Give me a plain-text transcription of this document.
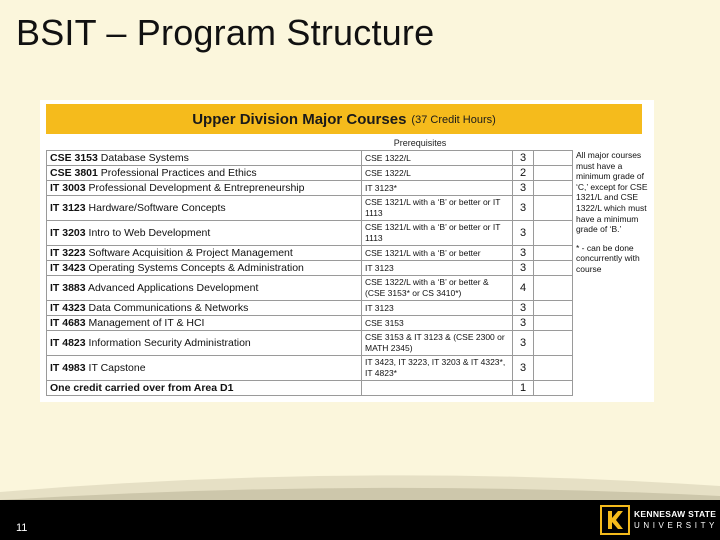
BSIT – Program Structure
Upper Division Major Courses (37 Credit Hours)
Prerequisites
CSE 3153 Database Systems	CSE 1322/L	3	
CSE 3801 Professional Practices and Ethics	CSE 1322/L	2	
IT 3003 Professional Development & Entrepreneurship	IT 3123*	3	
IT 3123 Hardware/Software Concepts	CSE 1321/L with a ‘B’ or better or IT 1113	3	
IT 3203 Intro to Web Development	CSE 1321/L with a ‘B’ or better or IT 1113	3	
IT 3223 Software Acquisition & Project Management	CSE 1321/L with a ‘B’ or better	3	
IT 3423 Operating Systems Concepts & Administration	IT 3123	3	
IT 3883 Advanced Applications Development	CSE 1322/L with a ‘B’ or better & (CSE 3153* or CS 3410*)	4	
IT 4323 Data Communications & Networks	IT 3123	3	
IT 4683 Management of IT & HCI	CSE 3153	3	
IT 4823 Information Security Administration	CSE 3153 & IT 3123 & (CSE 2300 or MATH 2345)	3	
IT 4983 IT Capstone	IT 3423, IT 3223, IT 3203 & IT 4323*, IT 4823*	3	
One credit carried over from Area D1		1	

All major courses must have a minimum grade of ‘C,’ except for CSE 1321/L and CSE 1322/L which must have a minimum grade of ‘B.’

* - can be done concurrently with course

11
KENNESAW STATE
UNIVERSITY
